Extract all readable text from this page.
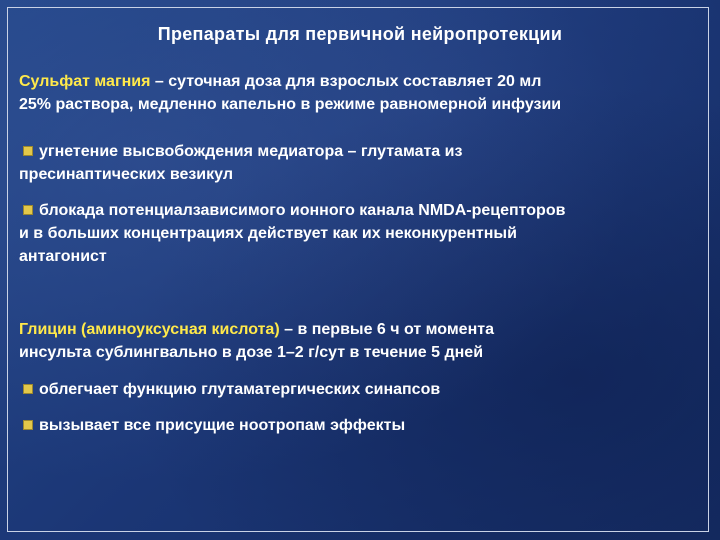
Препараты для первичной нейропротекции
Сульфат магния – суточная доза для взрослых составляет 20 мл
25% раствора, медленно капельно в режиме равномерной инфузии
угнетение высвобождения медиатора – глутамата из
пресинаптических везикул
блокада потенциалзависимого ионного канала NMDA-рецепторов
и в больших концентрациях действует как их неконкурентный
антагонист
Глицин (аминоуксусная кислота) – в первые 6 ч от момента
инсульта сублингвально в дозе 1–2 г/сут в течение 5 дней
облегчает функцию глутаматергических синапсов
вызывает все присущие ноотропам эффекты
